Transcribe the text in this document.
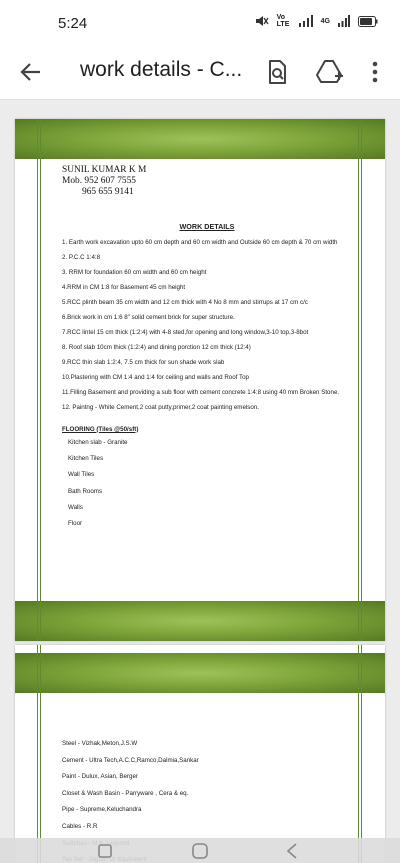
5:24	Vo LTE	4G
work details - C...
SUNIL KUMAR K M
Mob. 952 607 7555
965 655 9141
WORK DETAILS
1. Earth work excavation upto 60 cm depth and 60 cm width and Outside 60 cm depth & 70 cm width
2. P.C.C 1:4:8
3. RRM for foundation 60 cm width and 60 cm height
4.RRM in CM 1:8 for Basement 45 cm height
5.RCC plinth beam 35 cm width and 12 cm thick with 4 No 8 mm and stirrups at 17 cm c/c
6.Brick work in cm 1:6 8" solid cement brick for super structure.
7.RCC lintel 15 cm thick (1:2:4) with 4-8 sted,for opening and long window,3-10 top,3-8bot
8. Roof slab 10cm thick (1:2:4) and dining porction 12 cm thick (12:4)
9.RCC thin slab 1:2:4, 7.5 cm thick for sun shade work slab
10.Plastering with CM 1:4 and 1:4 for ceiling and walls and Roof Top
11.Filling Basement and providing a sub floor with cement concrete 1:4:8 using 40 mm Broken Stone.
12. Paintng - White Cement,2 coat putty,primer,2 coat painting emelson.
FLOORING (Tiles @50/sft)
Kitchen slab - Granite
Kitchen Tiles
Wall Tiles
Bath Rooms
Walls
Floor
Steel - Vizhak,Meton,J.S.W
Cement - Ultra Tech,A.C.C,Ramco,Dalmia,Sankar
Paint - Dulux, Asian, Berger
Closet & Wash Basin - Parryware , Cera & eq.
Pipe - Supreme,Keluchandra
Cables - R.R
